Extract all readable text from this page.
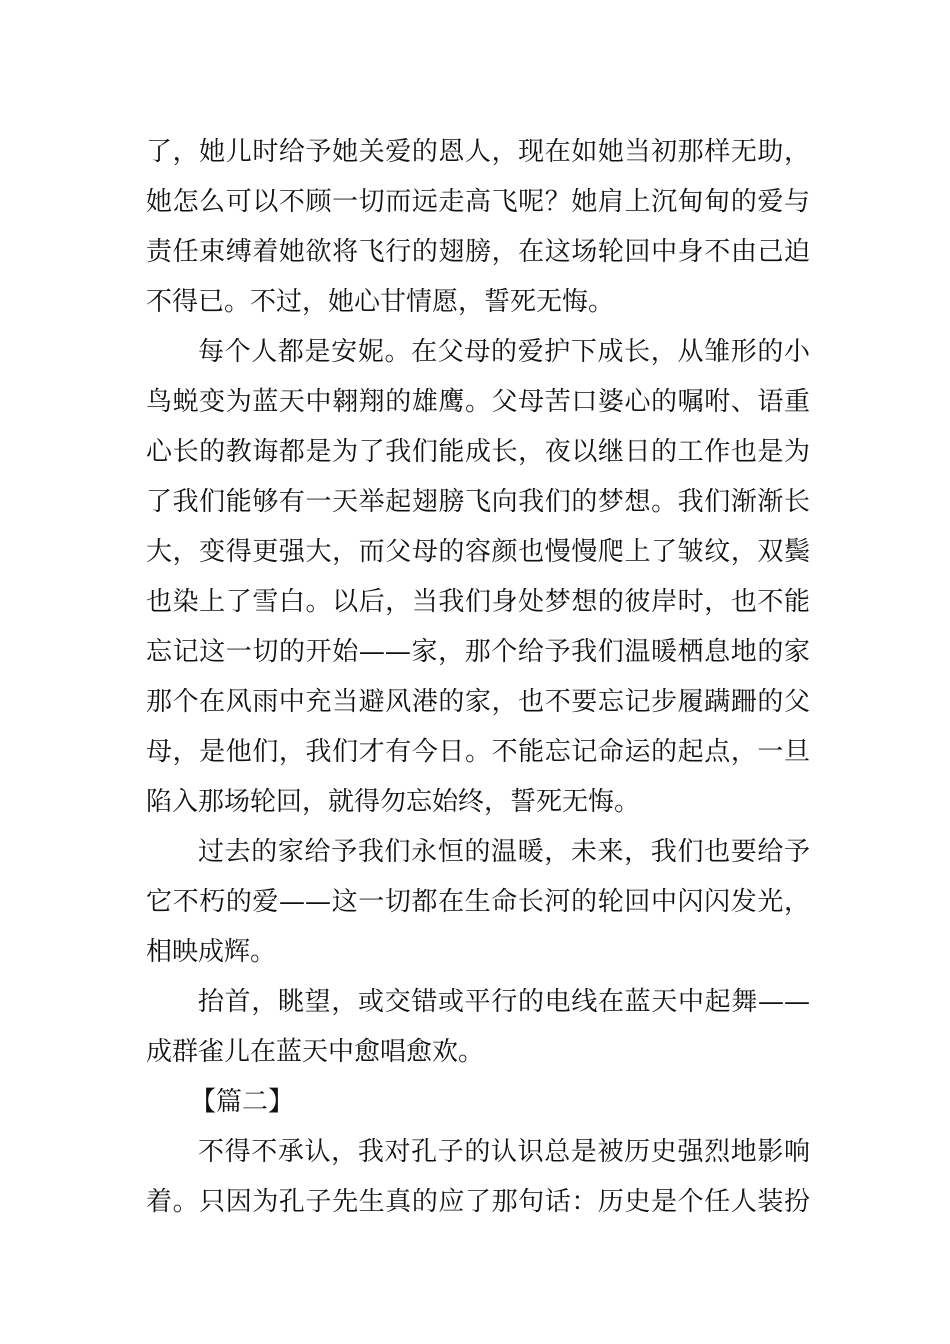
了，她儿时给予她关爱的恩人，现在如她当初那样无助，
她怎么可以不顾一切而远走高飞呢？她肩上沉甸甸的爱与
责任束缚着她欲将飞行的翅膀，在这场轮回中身不由己迫
不得已。不过，她心甘情愿，誓死无悔。
每个人都是安妮。在父母的爱护下成长，从雏形的小
鸟蜕变为蓝天中翱翔的雄鹰。父母苦口婆心的嘱咐、语重
心长的教诲都是为了我们能成长，夜以继日的工作也是为
了我们能够有一天举起翅膀飞向我们的梦想。我们渐渐长
大，变得更强大，而父母的容颜也慢慢爬上了皱纹，双鬓
也染上了雪白。以后，当我们身处梦想的彼岸时，也不能
忘记这一切的开始——家，那个给予我们温暖栖息地的家
那个在风雨中充当避风港的家，也不要忘记步履蹒跚的父
母，是他们，我们才有今日。不能忘记命运的起点，一旦
陷入那场轮回，就得勿忘始终，誓死无悔。
过去的家给予我们永恒的温暖，未来，我们也要给予
它不朽的爱——这一切都在生命长河的轮回中闪闪发光，
相映成辉。
抬首，眺望，或交错或平行的电线在蓝天中起舞——
成群雀儿在蓝天中愈唱愈欢。
【篇二】
不得不承认，我对孔子的认识总是被历史强烈地影响
着。只因为孔子先生真的应了那句话：历史是个任人装扮
